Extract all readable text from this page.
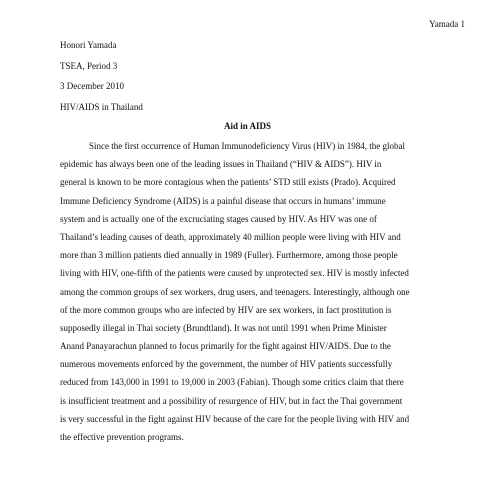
Yamada 1
Honori Yamada
TSEA, Period 3
3 December 2010
HIV/AIDS in Thailand
Aid in AIDS
Since the first occurrence of Human Immunodeficiency Virus (HIV) in 1984, the global
epidemic has always been one of the leading issues in Thailand (“HIV & AIDS”). HIV in
general is known to be more contagious when the patients’ STD still exists (Prado). Acquired
Immune Deficiency Syndrome (AIDS) is a painful disease that occurs in humans’ immune
system and is actually one of the excruciating stages caused by HIV. As HIV was one of
Thailand’s leading causes of death, approximately 40 million people were living with HIV and
more than 3 million patients died annually in 1989 (Fuller). Furthermore, among those people
living with HIV, one-fifth of the patients were caused by unprotected sex. HIV is mostly infected
among the common groups of sex workers, drug users, and teenagers. Interestingly, although one
of the more common groups who are infected by HIV are sex workers, in fact prostitution is
supposedly illegal in Thai society (Brundtland). It was not until 1991 when Prime Minister
Anand Panayarachun planned to focus primarily for the fight against HIV/AIDS. Due to the
numerous movements enforced by the government, the number of HIV patients successfully
reduced from 143,000 in 1991 to 19,000 in 2003 (Fabian). Though some critics claim that there
is insufficient treatment and a possibility of resurgence of HIV, but in fact the Thai government
is very successful in the fight against HIV because of the care for the people living with HIV and
the effective prevention programs.
